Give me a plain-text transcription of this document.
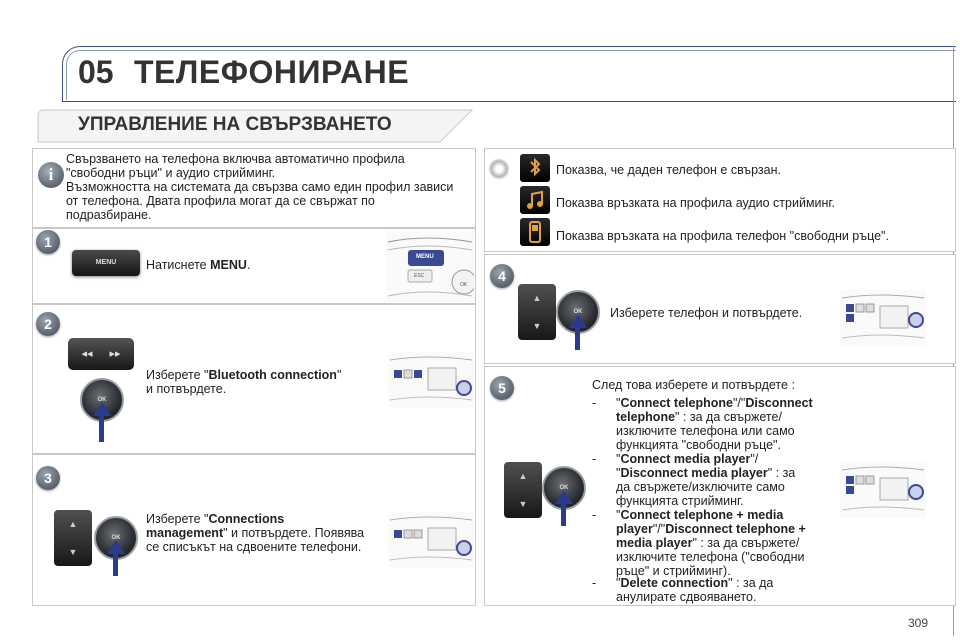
05 ТЕЛЕФОНИРАНЕ
УПРАВЛЕНИЕ НА СВЪРЗВАНЕТО
i
Свързването на телефона включва автоматично профила "свободни ръци" и аудио стрийминг.
Възможността на системата да свързва само един профил зависи от телефона. Двата профила могат да се свържат по подразбиране.
1
MENU	Натиснете MENU.
MENU
ESC
OK
2
◂◂	▸▸
OK
Изберете "Bluetooth connection"
и потвърдете.
3
▲
▼
OK
Изберете "Connections
management" и потвърдете. Появява
се списъкът на сдвоените телефони.
Показва, че даден телефон е свързан.
Показва връзката на профила аудио стрийминг.
Показва връзката на профила телефон "свободни ръце".
4
▲
▼
OK	Изберете телефон и потвърдете.
5
▲
▼
OK
След това изберете и потвърдете :
- "Connect telephone"/"Disconnect
telephone" : за да свържете/
изключите телефона или само
функцията "свободни ръце".
- "Connect media player"/
"Disconnect media player" : за
да свържете/изключите само
функцията стрийминг.
- "Connect telephone + media
player"/"Disconnect telephone +
media player" : за да свържете/
изключите телефона ("свободни
ръце" и стрийминг).
- "Delete connection" : за да
анулирате сдвояването.
309
